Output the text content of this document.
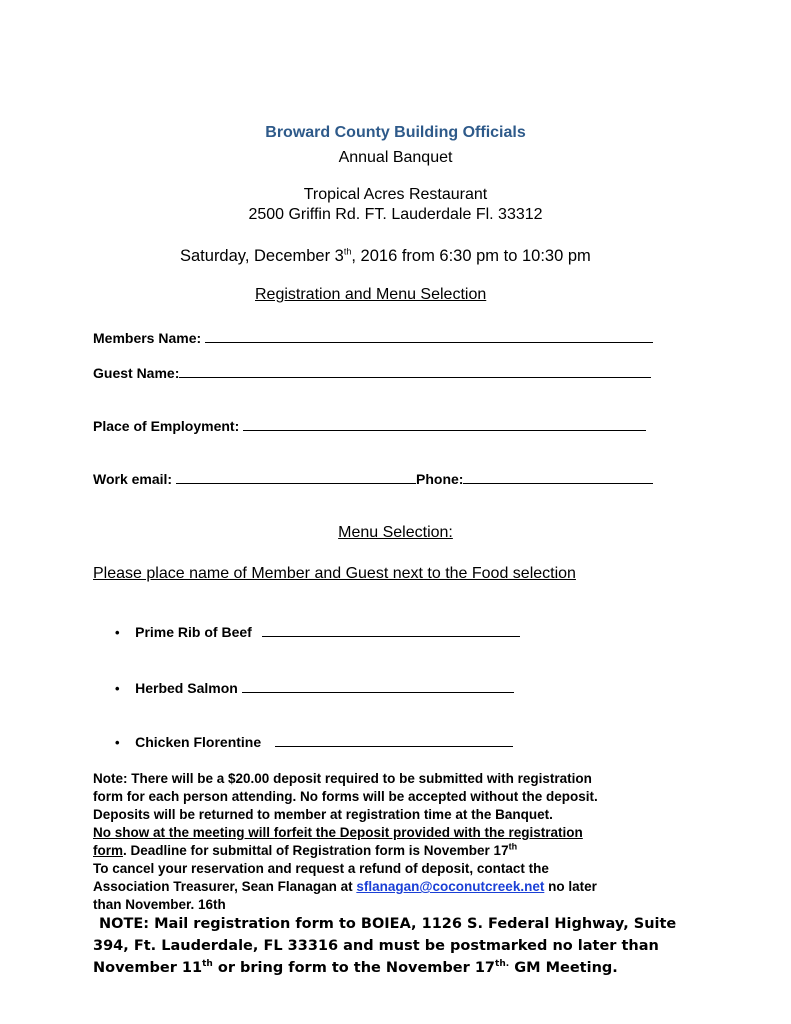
Broward County Building Officials
Annual Banquet
Tropical Acres Restaurant
2500 Griffin Rd. FT. Lauderdale Fl. 33312
Saturday, December 3th, 2016 from 6:30 pm to 10:30 pm
Registration and Menu Selection
Members Name:
Guest Name:
Place of Employment:
Work email:	Phone:
Menu Selection:
Please place name of Member and Guest next to the Food selection
• Prime Rib of Beef
• Herbed Salmon
• Chicken Florentine
Note: There will be a $20.00 deposit required to be submitted with registration
form for each person attending. No forms will be accepted without the deposit.
Deposits will be returned to member at registration time at the Banquet.
No show at the meeting will forfeit the Deposit provided with the registration
form. Deadline for submittal of Registration form is November 17th
To cancel your reservation and request a refund of deposit, contact the
Association Treasurer, Sean Flanagan at sflanagan@coconutcreek.net no later
than November. 16th
NOTE: Mail registration form to BOIEA, 1126 S. Federal Highway, Suite
394, Ft. Lauderdale, FL 33316 and must be postmarked no later than
November 11th or bring form to the November $17^{th.}$ GM Meeting.
